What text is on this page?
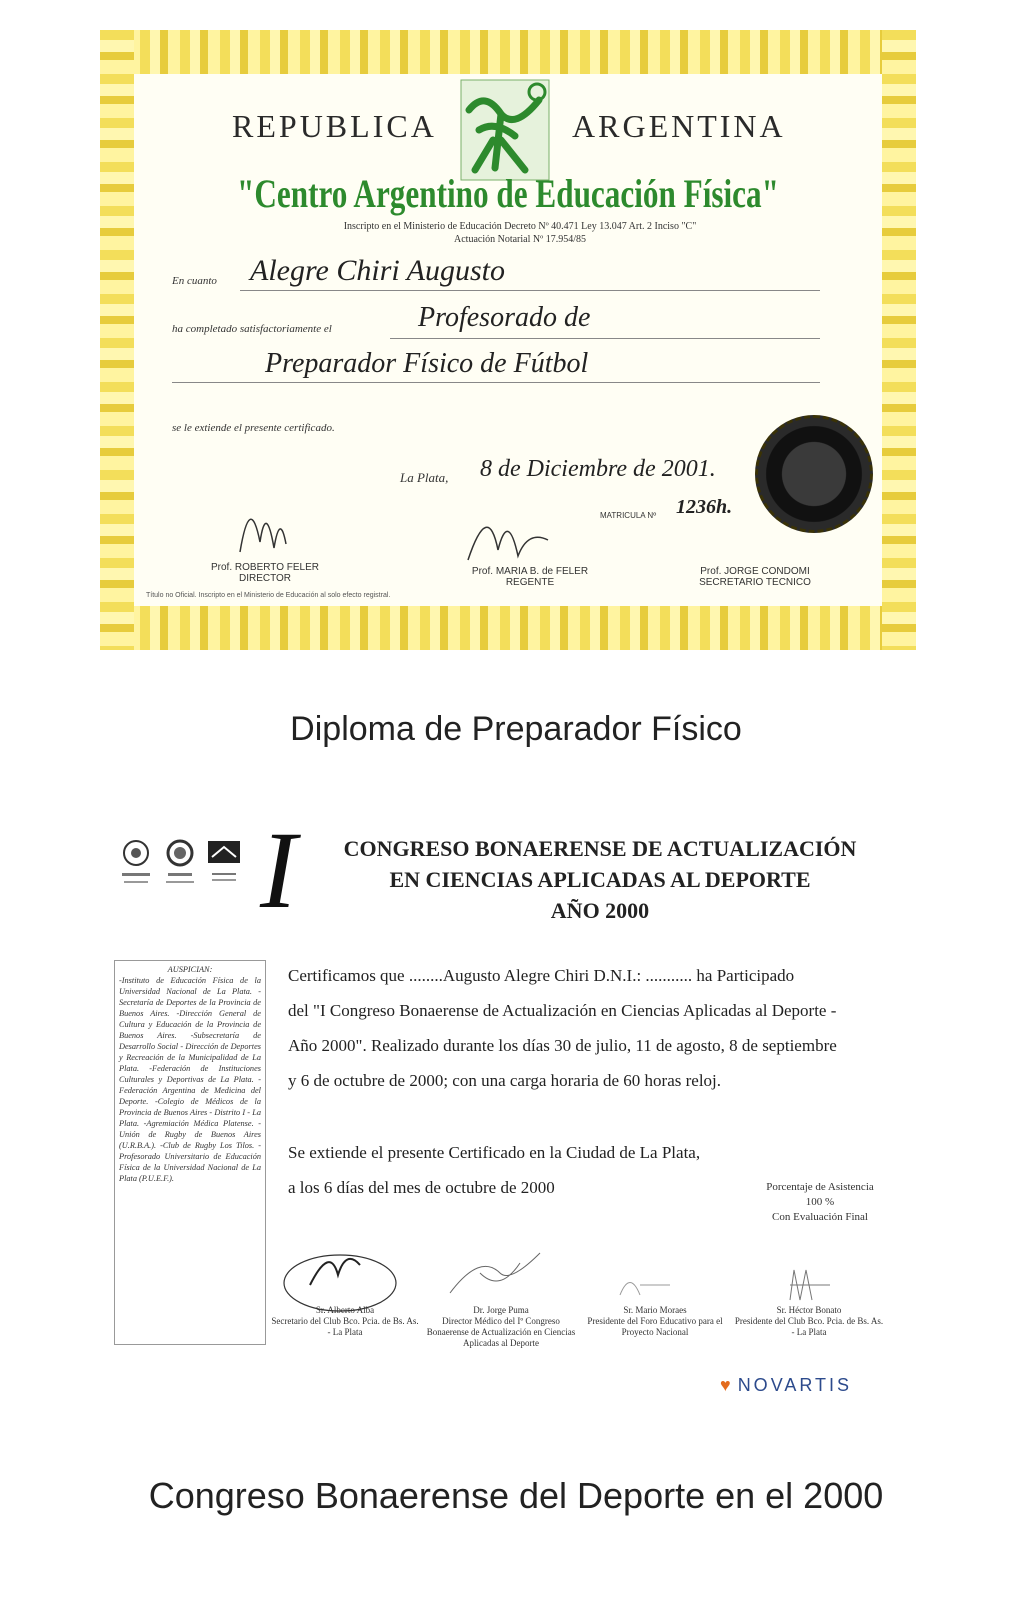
REPUBLICA	ARGENTINA
"Centro Argentino de Educación Física"
Inscripto en el Ministerio de Educación Decreto Nº 40.471 Ley 13.047 Art. 2 Inciso "C"
Actuación Notarial Nº 17.954/85
En cuanto Alegre Chiri Augusto
ha completado satisfactoriamente el	Profesorado de
Preparador Físico de Fútbol
se le extiende el presente certificado.
La Plata, 8 de Diciembre de 2001.
MATRICULA Nº 1236h.
Prof. ROBERTO FELER
DIRECTOR
Prof. MARIA B. de FELER
REGENTE
Prof. JORGE CONDOMI
SECRETARIO TECNICO
Título no Oficial. Inscripto en el Ministerio de Educación al solo efecto registral.
Diploma de Preparador Físico
I	CONGRESO BONAERENSE DE ACTUALIZACIÓN
EN CIENCIAS APLICADAS AL DEPORTE
AÑO 2000
AUSPICIAN:
-Instituto de Educación Física de la Universidad Nacional de La Plata. -Secretaría de Deportes de la Provincia de Buenos Aires. -Dirección General de Cultura y Educación de la Provincia de Buenos Aires. -Subsecretaría de Desarrollo Social - Dirección de Deportes y Recreación de la Municipalidad de La Plata. -Federación de Instituciones Culturales y Deportivas de La Plata. -Federación Argentina de Medicina del Deporte. -Colegio de Médicos de la Provincia de Buenos Aires - Distrito I - La Plata. -Agremiación Médica Platense. -Unión de Rugby de Buenos Aires (U.R.B.A.). -Club de Rugby Los Tilos. -Profesorado Universitario de Educación Física de la Universidad Nacional de La Plata (P.U.E.F.).
Certificamos que ........Augusto Alegre Chiri D.N.I.: ........... ha Participado
del "I Congreso Bonaerense de Actualización en Ciencias Aplicadas al Deporte -
Año 2000". Realizado durante los días 30 de julio, 11 de agosto, 8 de septiembre
y 6 de octubre de 2000; con una carga horaria de 60 horas reloj.
Se extiende el presente Certificado en la Ciudad de La Plata,
a los 6 días del mes de octubre de 2000	Porcentaje de Asistencia
100 %
Con Evaluación Final
Sr. Alberto Alba
Secretario del Club Bco. Pcia. de Bs. As. - La Plata
Dr. Jorge Puma
Director Médico del Iº Congreso Bonaerense de Actualización en Ciencias Aplicadas al Deporte
Sr. Mario Moraes
Presidente del Foro Educativo para el Proyecto Nacional
Sr. Héctor Bonato
Presidente del Club Bco. Pcia. de Bs. As. - La Plata
♥ NOVARTIS
Congreso Bonaerense del Deporte en el 2000
